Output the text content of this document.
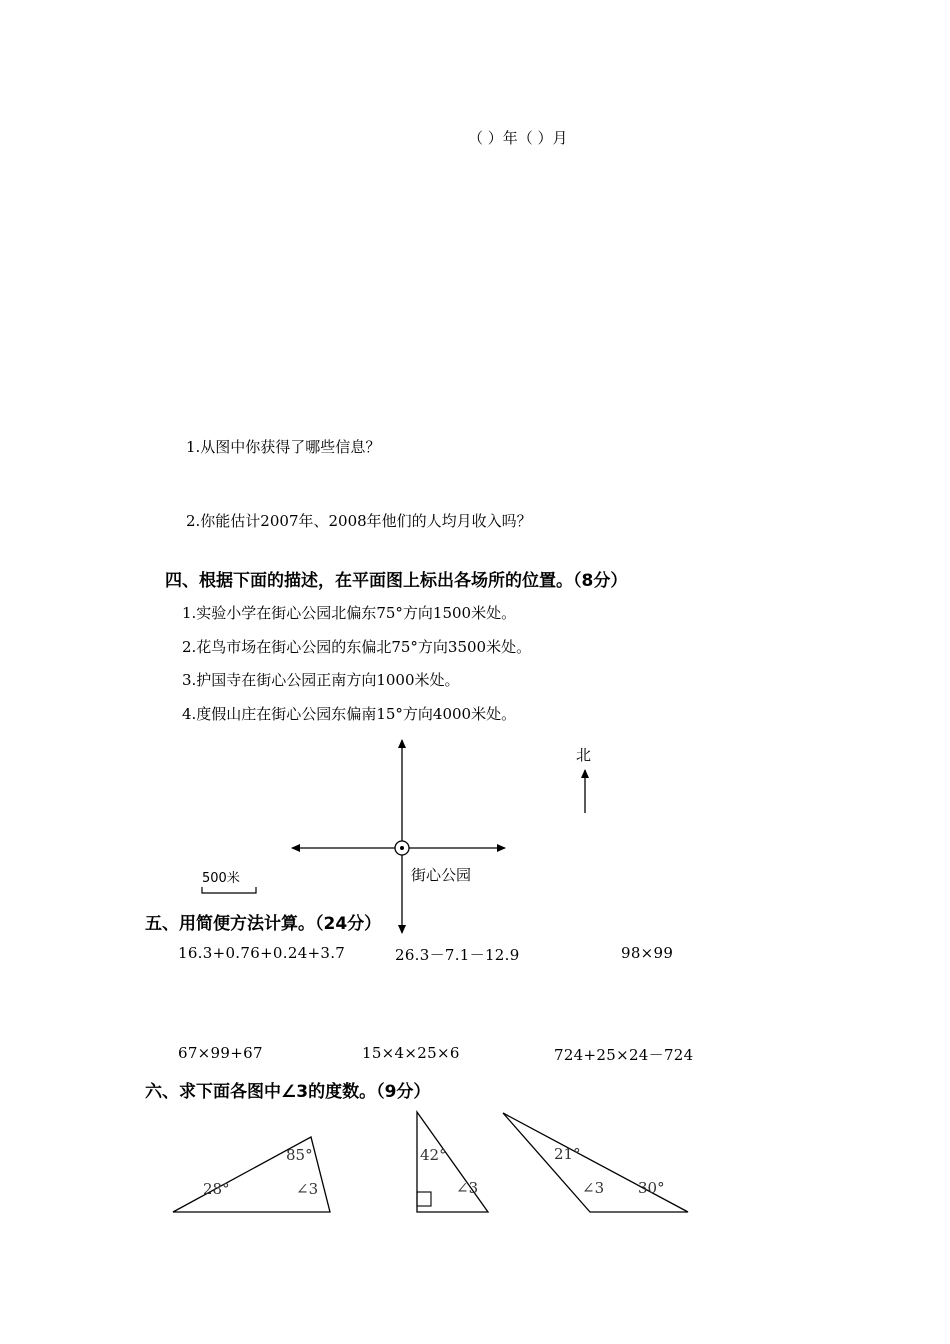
（ ）年（ ）月
1.从图中你获得了哪些信息？
2.你能估计2007年、2008年他们的人均月收入吗？
四、根据下面的描述，在平面图上标出各场所的位置。（8分）
1.实验小学在街心公园北偏东75°方向1500米处。
2.花鸟市场在街心公园的东偏北75°方向3500米处。
3.护国寺在街心公园正南方向1000米处。
4.度假山庄在街心公园东偏南15°方向4000米处。
北
街心公园
500米
五、用简便方法计算。（24分）
16.3+0.76+0.24+3.7	26.3－7.1－12.9	98×99
67×99+67	15×4×25×6	724+25×24－724
六、求下面各图中∠3的度数。（9分）
85°
28°	∠3
42°
∠3
21°
∠3 30°
